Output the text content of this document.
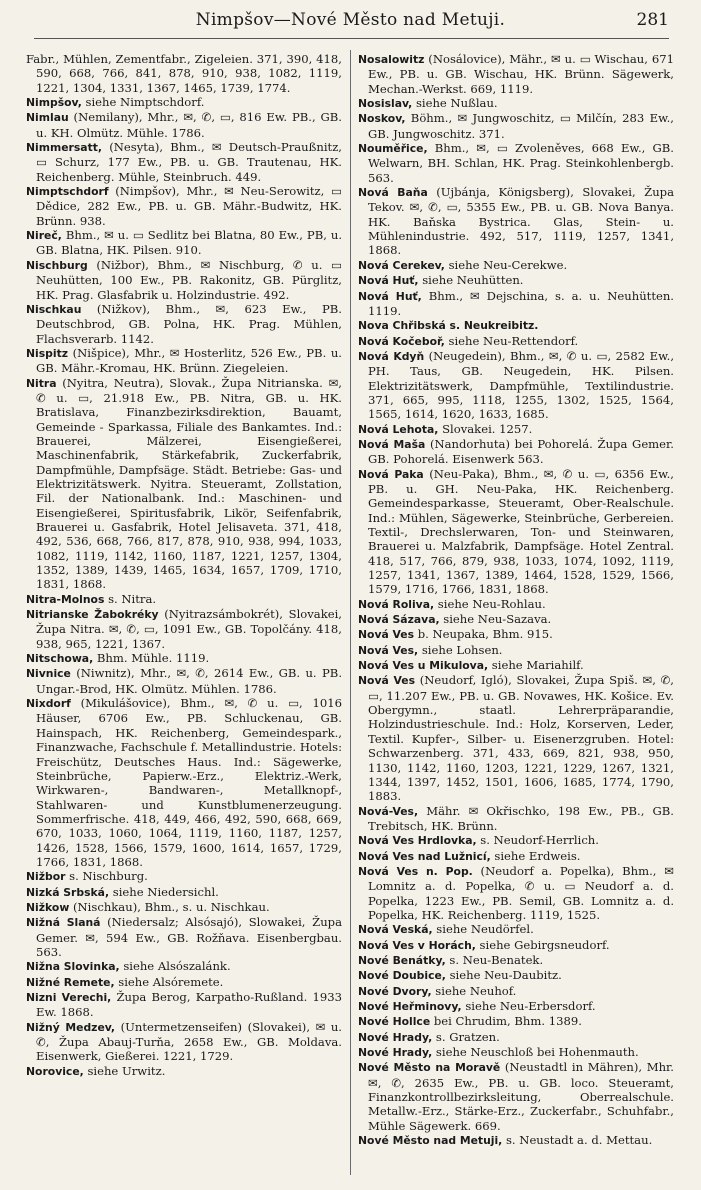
Nimpšov—Nové Město nad Metuji.	281

Fabr., Mühlen, Zementfabr., Zigeleien. 371, 390, 418, 590, 668, 766, 841, 878, 910, 938, 1082, 1119, 1221, 1304, 1331, 1367, 1465, 1739, 1774.

Nimpšov, siehe Nimptschdorf.

Nimlau (Nemilany), Mhr., ✉, ✆, ▭, 816 Ew. PB., GB. u. KH. Olmütz. Mühle. 1786.

Nimmersatt, (Nesyta), Bhm., ✉ Deutsch-Praußnitz, ▭ Schurz, 177 Ew., PB. u. GB. Trautenau, HK. Reichenberg. Mühle, Steinbruch. 449.

Nimptschdorf (Nimpšov), Mhr., ✉ Neu-Serowitz, ▭ Dědice, 282 Ew., PB. u. GB. Mähr.-Budwitz, HK. Brünn. 938.

Nireč, Bhm., ✉ u. ▭ Sedlitz bei Blatna, 80 Ew., PB, u. GB. Blatna, HK. Pilsen. 910.

Nischburg (Nižbor), Bhm., ✉ Nischburg, ✆ u. ▭ Neuhütten, 100 Ew., PB. Rakonitz, GB. Pürglitz, HK. Prag. Glasfabrik u. Holzindustrie. 492.

Nischkau (Nižkov), Bhm., ✉, 623 Ew., PB. Deutschbrod, GB. Polna, HK. Prag. Mühlen, Flachsverarb. 1142.

Nispitz (Nišpice), Mhr., ✉ Hosterlitz, 526 Ew., PB. u. GB. Mähr.-Kromau, HK. Brünn. Ziegeleien.

Nitra (Nyitra, Neutra), Slovak., Župa Nitrianska. ✉, ✆ u. ▭, 21.918 Ew., PB. Nitra, GB. u. HK. Bratislava, Finanzbezirksdirektion, Bauamt, Gemeinde - Sparkassa, Filiale des Bankamtes. Ind.: Brauerei, Mälzerei, Eisengießerei, Maschinenfabrik, Stärkefabrik, Zuckerfabrik, Dampfmühle, Dampfsäge. Städt. Betriebe: Gas- und Elektrizitätswerk. Nyitra. Steueramt, Zollstation, Fil. der Nationalbank. Ind.: Maschinen- und Eisengießerei, Spiritusfabrik, Likör, Seifenfabrik, Brauerei u. Gasfabrik, Hotel Jelisaveta. 371, 418, 492, 536, 668, 766, 817, 878, 910, 938, 994, 1033, 1082, 1119, 1142, 1160, 1187, 1221, 1257, 1304, 1352, 1389, 1439, 1465, 1634, 1657, 1709, 1710, 1831, 1868.

Nitra-Molnos s. Nitra.

Nitrianske Žabokréky (Nyitrazsámbokrét), Slovakei, Župa Nitra. ✉, ✆, ▭, 1091 Ew., GB. Topolčány. 418, 938, 965, 1221, 1367.

Nitschowa, Bhm. Mühle. 1119.

Nivnice (Niwnitz), Mhr., ✉, ✆, 2614 Ew., GB. u. PB. Ungar.-Brod, HK. Olmütz. Mühlen. 1786.

Nixdorf (Mikulášovice), Bhm., ✉, ✆ u. ▭, 1016 Häuser, 6706 Ew., PB. Schluckenau, GB. Hainspach, HK. Reichenberg, Gemeindespark., Finanzwache, Fachschule f. Metallindustrie. Hotels: Freischütz, Deutsches Haus. Ind.: Sägewerke, Steinbrüche, Papierw.-Erz., Elektriz.-Werk, Wirkwaren-, Bandwaren-, Metallknopf-, Stahlwaren- und Kunstblumenerzeugung. Sommerfrische. 418, 449, 466, 492, 590, 668, 669, 670, 1033, 1060, 1064, 1119, 1160, 1187, 1257, 1426, 1528, 1566, 1579, 1600, 1614, 1657, 1729, 1766, 1831, 1868.

Nižbor s. Nischburg.

Nizká Srbská, siehe Niedersichl.

Nižkow (Nischkau), Bhm., s. u. Nischkau.

Nižná Slaná (Niedersalz; Alsósajó), Slowakei, Župa Gemer. ✉, 594 Ew., GB. Rožňava. Eisenbergbau. 563.

Nižna Slovinka, siehe Alsószalánk.

Nižné Remete, siehe Alsóremete.

Nizni Verechi, Župa Berog, Karpatho-Rußland. 1933 Ew. 1868.

Nižný Medzev, (Untermetzenseifen) (Slovakei), ✉ u. ✆, Župa Abauj-Turňa, 2658 Ew., GB. Moldava. Eisenwerk, Gießerei. 1221, 1729.

Norovice, siehe Urwitz.

Nosalowitz (Nosálovice), Mähr., ✉ u. ▭ Wischau, 671 Ew., PB. u. GB. Wischau, HK. Brünn. Sägewerk, Mechan.-Werkst. 669, 1119.

Nosislav, siehe Nußlau.

Noskov, Böhm., ✉ Jungwoschitz, ▭ Milčín, 283 Ew., GB. Jungwoschitz. 371.

Nouměřice, Bhm., ✉, ▭ Zvoleněves, 668 Ew., GB. Welwarn, BH. Schlan, HK. Prag. Steinkohlenbergb. 563.

Nová Baňa (Ujbánja, Königsberg), Slovakei, Župa Tekov. ✉, ✆, ▭, 5355 Ew., PB. u. GB. Nova Banya. HK. Baňska Bystrica. Glas, Stein- u. Mühlenindustrie. 492, 517, 1119, 1257, 1341, 1868.

Nová Cerekev, siehe Neu-Cerekwe.

Nová Huť, siehe Neuhütten.

Nová Huť, Bhm., ✉ Dejschina, s. a. u. Neuhütten. 1119.

Nova Chřibská s. Neukreibitz.

Nová Kočeboř, siehe Neu-Rettendorf.

Nová Kdyň (Neugedein), Bhm., ✉, ✆ u. ▭, 2582 Ew., PH. Taus, GB. Neugedein, HK. Pilsen. Elektrizitätswerk, Dampfmühle, Textilindustrie. 371, 665, 995, 1118, 1255, 1302, 1525, 1564, 1565, 1614, 1620, 1633, 1685.

Nová Lehota, Slovakei. 1257.

Nová Maša (Nandorhuta) bei Pohorelá. Župa Gemer. GB. Pohorelá. Eisenwerk 563.

Nová Paka (Neu-Paka), Bhm., ✉, ✆ u. ▭, 6356 Ew., PB. u. GH. Neu-Paka, HK. Reichenberg. Gemeindesparkasse, Steueramt, Ober-Realschule. Ind.: Mühlen, Sägewerke, Steinbrüche, Gerbereien. Textil-, Drechslerwaren, Ton- und Steinwaren, Brauerei u. Malzfabrik, Dampfsäge. Hotel Zentral. 418, 517, 766, 879, 938, 1033, 1074, 1092, 1119, 1257, 1341, 1367, 1389, 1464, 1528, 1529, 1566, 1579, 1716, 1766, 1831, 1868.

Nová Roliva, siehe Neu-Rohlau.

Nová Sázava, siehe Neu-Sazava.

Nová Ves b. Neupaka, Bhm. 915.

Nová Ves, siehe Lohsen.

Nová Ves u Mikulova, siehe Mariahilf.

Nová Ves (Neudorf, Igló), Slovakei, Župa Spiš. ✉, ✆, ▭, 11.207 Ew., PB. u. GB. Novawes, HK. Košice. Ev. Obergymn., staatl. Lehrerpräparandie, Holzindustrieschule. Ind.: Holz, Korserven, Leder, Textil. Kupfer-, Silber- u. Eisenerzgruben. Hotel: Schwarzenberg. 371, 433, 669, 821, 938, 950, 1130, 1142, 1160, 1203, 1221, 1229, 1267, 1321, 1344, 1397, 1452, 1501, 1606, 1685, 1774, 1790, 1883.

Nová-Ves, Mähr. ✉ Okřischko, 198 Ew., PB., GB. Trebitsch, HK. Brünn.

Nová Ves Hrdlovka, s. Neudorf-Herrlich.

Nová Ves nad Lužnicí, siehe Erdweis.

Nová Ves n. Pop. (Neudorf a. Popelka), Bhm., ✉ Lomnitz a. d. Popelka, ✆ u. ▭ Neudorf a. d. Popelka, 1223 Ew., PB. Semil, GB. Lomnitz a. d. Popelka, HK. Reichenberg. 1119, 1525.

Nová Veská, siehe Neudörfel.

Nová Ves v Horách, siehe Gebirgsneudorf.

Nové Benátky, s. Neu-Benatek.

Nové Doubice, siehe Neu-Daubitz.

Nové Dvory, siehe Neuhof.

Nové Heřminovy, siehe Neu-Erbersdorf.

Nové Hollce bei Chrudim, Bhm. 1389.

Nové Hrady, s. Gratzen.

Nové Hrady, siehe Neuschloß bei Hohenmauth.

Nové Město na Moravě (Neustadtl in Mähren), Mhr. ✉, ✆, 2635 Ew., PB. u. GB. loco. Steueramt, Finanzkontrollbezirksleitung, Oberrealschule. Metallw.-Erz., Stärke-Erz., Zuckerfabr., Schuhfabr., Mühle Sägewerk. 669.

Nové Město nad Metuji, s. Neustadt a. d. Mettau.
